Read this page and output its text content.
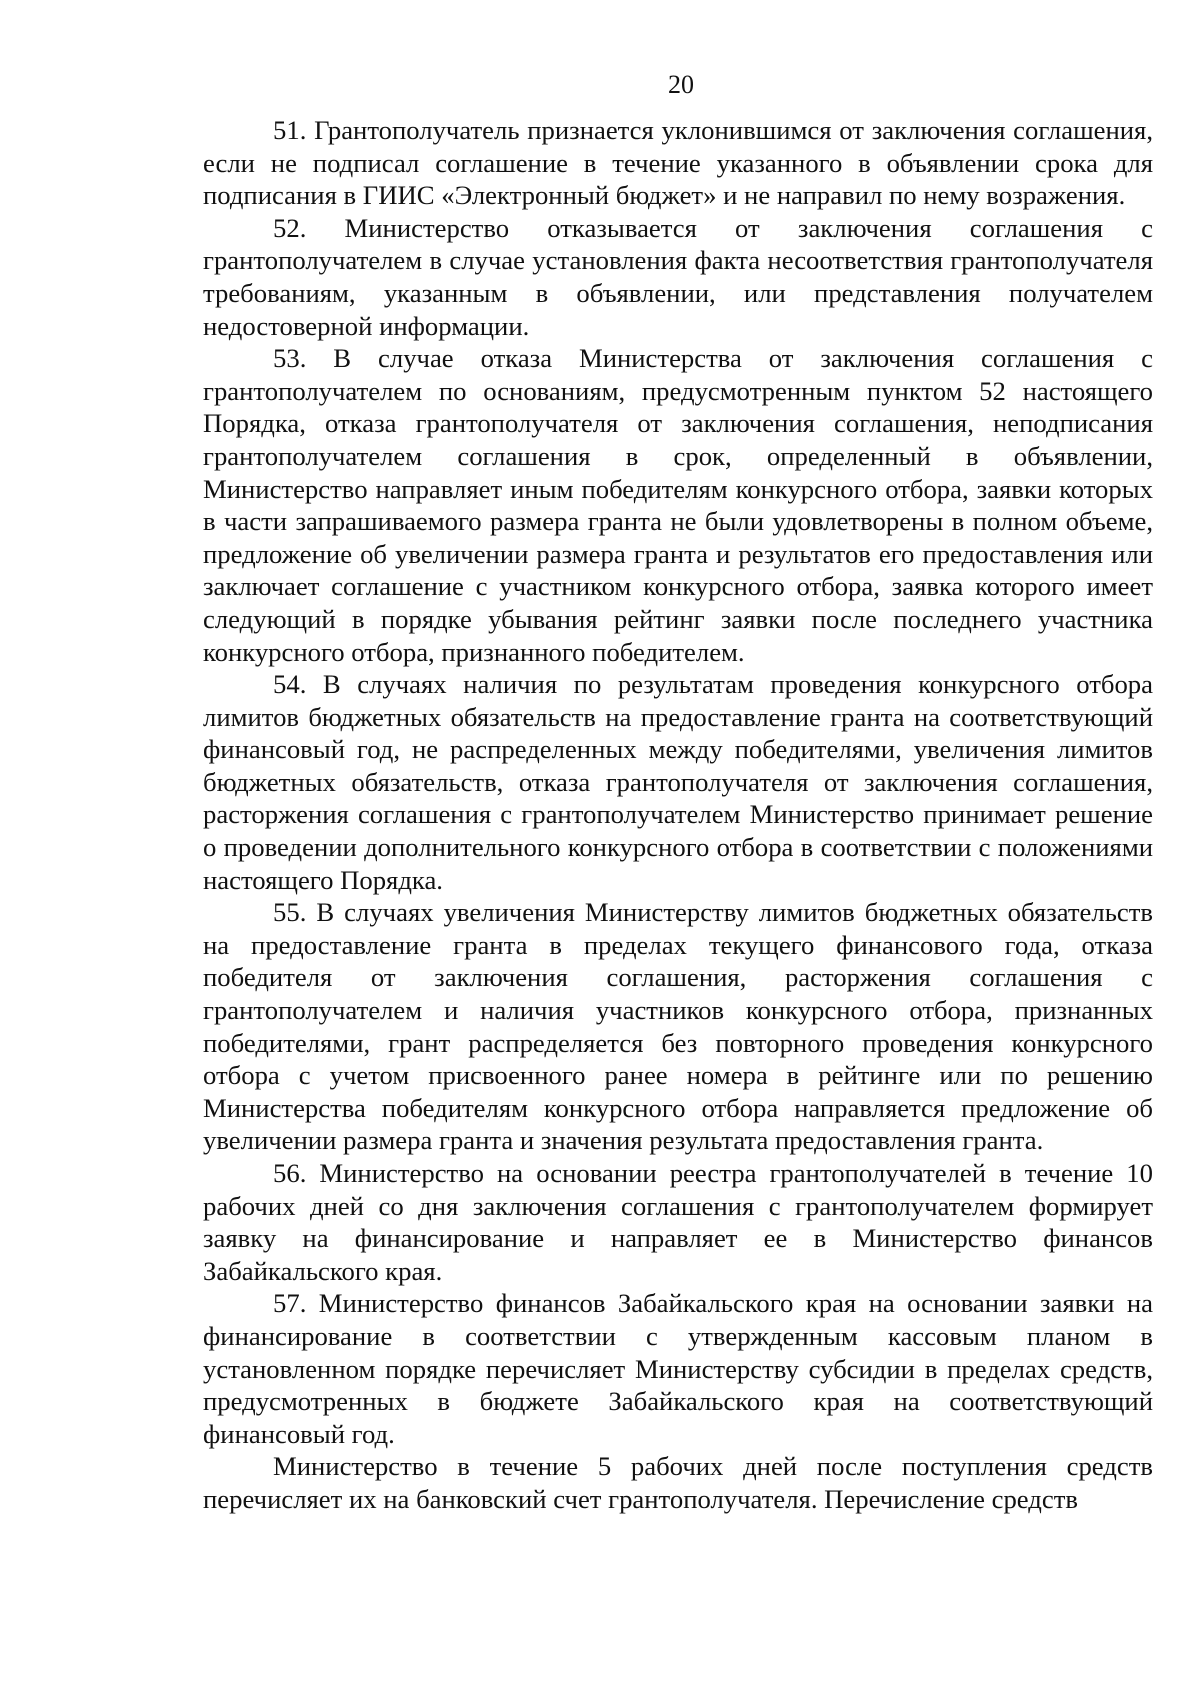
20

51. Грантополучатель признается уклонившимся от заключения соглашения, если не подписал соглашение в течение указанного в объявлении срока для подписания в ГИИС «Электронный бюджет» и не направил по нему возражения.

52. Министерство отказывается от заключения соглашения с грантополучателем в случае установления факта несоответствия грантополучателя требованиям, указанным в объявлении, или представления получателем недостоверной информации.

53. В случае отказа Министерства от заключения соглашения с грантополучателем по основаниям, предусмотренным пунктом 52 настоящего Порядка, отказа грантополучателя от заключения соглашения, неподписания грантополучателем соглашения в срок, определенный в объявлении, Министерство направляет иным победителям конкурсного отбора, заявки которых в части запрашиваемого размера гранта не были удовлетворены в полном объеме, предложение об увеличении размера гранта и результатов его предоставления или заключает соглашение с участником конкурсного отбора, заявка которого имеет следующий в порядке убывания рейтинг заявки после последнего участника конкурсного отбора, признанного победителем.

54. В случаях наличия по результатам проведения конкурсного отбора лимитов бюджетных обязательств на предоставление гранта на соответствующий финансовый год, не распределенных между победителями, увеличения лимитов бюджетных обязательств, отказа грантополучателя от заключения соглашения, расторжения соглашения с грантополучателем Министерство принимает решение о проведении дополнительного конкурсного отбора в соответствии с положениями настоящего Порядка.

55. В случаях увеличения Министерству лимитов бюджетных обязательств на предоставление гранта в пределах текущего финансового года, отказа победителя от заключения соглашения, расторжения соглашения с грантополучателем и наличия участников конкурсного отбора, признанных победителями, грант распределяется без повторного проведения конкурсного отбора с учетом присвоенного ранее номера в рейтинге или по решению Министерства победителям конкурсного отбора направляется предложение об увеличении размера гранта и значения результата предоставления гранта.

56. Министерство на основании реестра грантополучателей в течение 10 рабочих дней со дня заключения соглашения с грантополучателем формирует заявку на финансирование и направляет ее в Министерство финансов Забайкальского края.

57. Министерство финансов Забайкальского края на основании заявки на финансирование в соответствии с утвержденным кассовым планом в установленном порядке перечисляет Министерству субсидии в пределах средств, предусмотренных в бюджете Забайкальского края на соответствующий финансовый год.

Министерство в течение 5 рабочих дней после поступления средств перечисляет их на банковский счет грантополучателя. Перечисление средств
